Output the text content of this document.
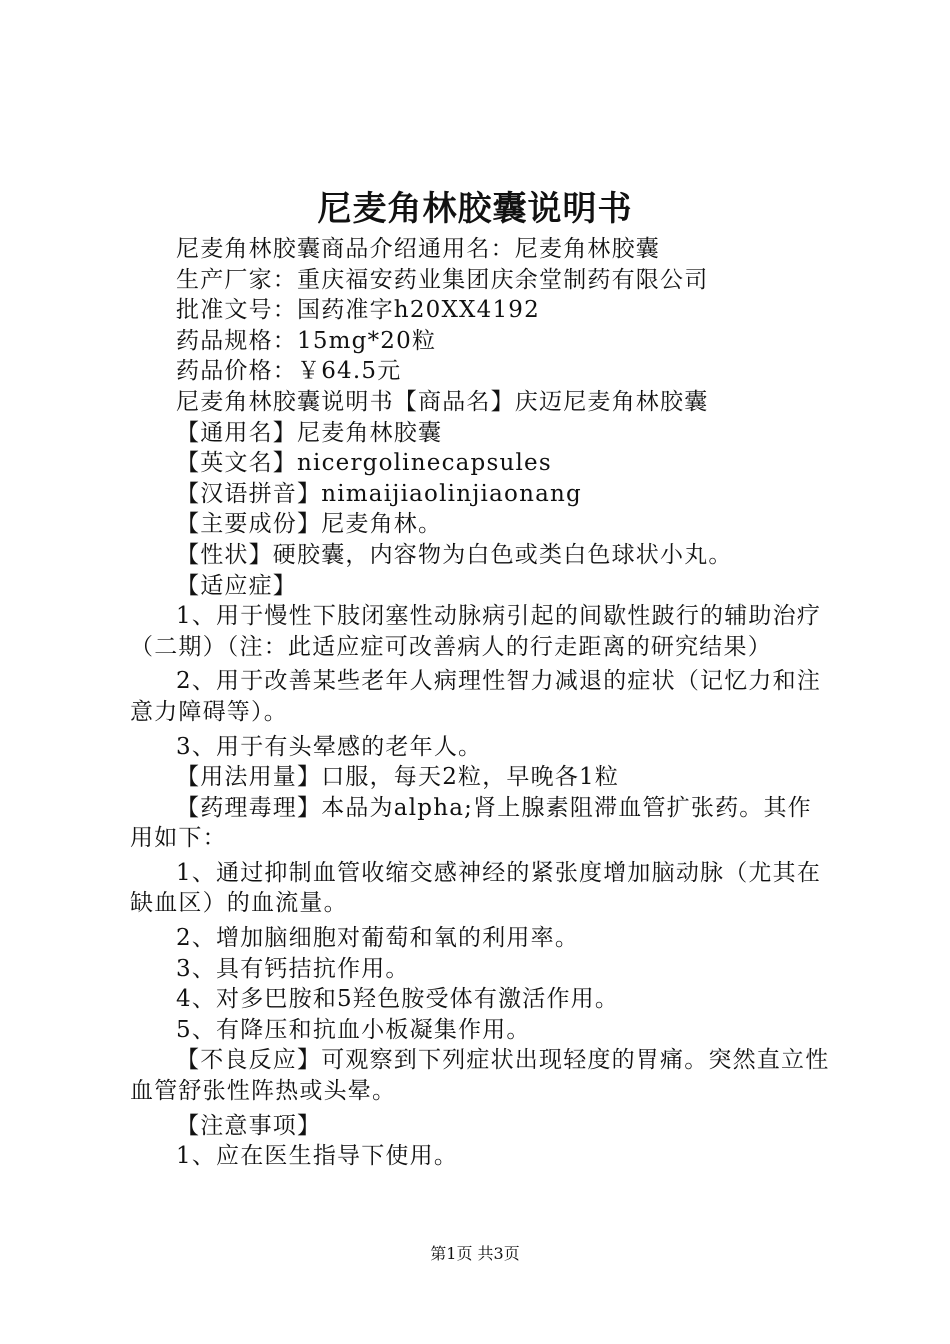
尼麦角林胶囊说明书

尼麦角林胶囊商品介绍通用名：尼麦角林胶囊

生产厂家：重庆福安药业集团庆余堂制药有限公司

批准文号：国药准字h20XX4192

药品规格：15mg*20粒

药品价格：￥64.5元

尼麦角林胶囊说明书【商品名】庆迈尼麦角林胶囊

【通用名】尼麦角林胶囊

【英文名】nicergolinecapsules

【汉语拼音】nimaijiaolinjiaonang

【主要成份】尼麦角林。

【性状】硬胶囊，内容物为白色或类白色球状小丸。

【适应症】

1、用于慢性下肢闭塞性动脉病引起的间歇性跛行的辅助治疗（二期）（注：此适应症可改善病人的行走距离的研究结果）

2、用于改善某些老年人病理性智力减退的症状（记忆力和注意力障碍等）。

3、用于有头晕感的老年人。

【用法用量】口服，每天2粒，早晚各1粒

【药理毒理】本品为alpha;肾上腺素阻滞血管扩张药。其作用如下：

1、通过抑制血管收缩交感神经的紧张度增加脑动脉（尤其在缺血区）的血流量。

2、增加脑细胞对葡萄和氧的利用率。

3、具有钙拮抗作用。

4、对多巴胺和5羟色胺受体有激活作用。

5、有降压和抗血小板凝集作用。

【不良反应】可观察到下列症状出现轻度的胃痛。突然直立性血管舒张性阵热或头晕。

【注意事项】

1、应在医生指导下使用。

第1页 共3页
